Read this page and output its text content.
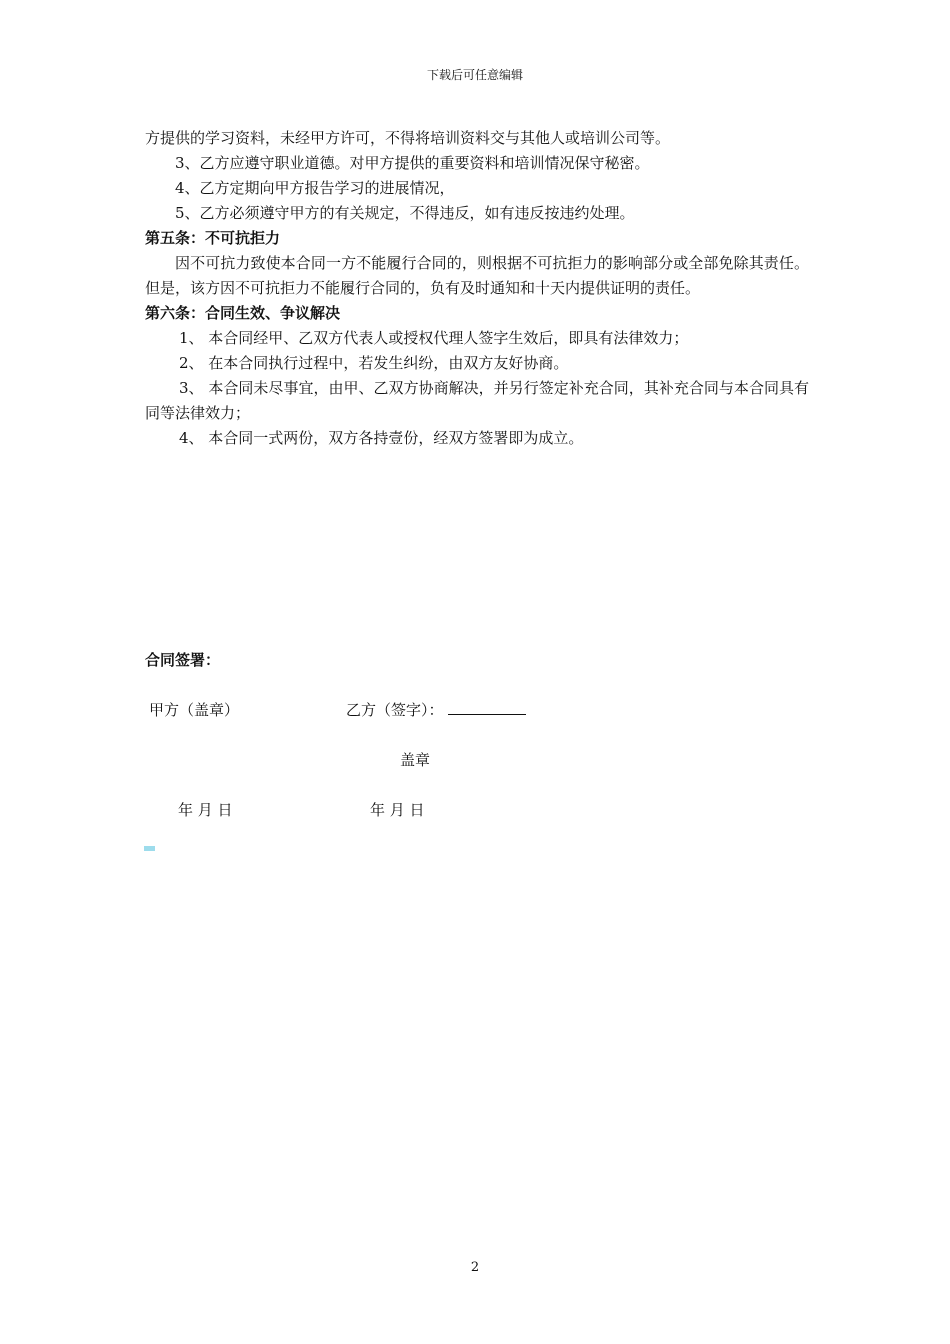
下载后可任意编辑

方提供的学习资料，未经甲方许可，不得将培训资料交与其他人或培训公司等。

3、乙方应遵守职业道德。对甲方提供的重要资料和培训情况保守秘密。

4、乙方定期向甲方报告学习的进展情况，

5、乙方必须遵守甲方的有关规定，不得违反，如有违反按违约处理。

第五条：不可抗拒力

因不可抗力致使本合同一方不能履行合同的，则根据不可抗拒力的影响部分或全部免除其责任。但是，该方因不可抗拒力不能履行合同的，负有及时通知和十天内提供证明的责任。

第六条：合同生效、争议解决

1、 本合同经甲、乙双方代表人或授权代理人签字生效后，即具有法律效力；

2、 在本合同执行过程中，若发生纠纷，由双方友好协商。

3、 本合同未尽事宜，由甲、乙双方协商解决，并另行签定补充合同，其补充合同与本合同具有同等法律效力；

4、 本合同一式两份，双方各持壹份，经双方签署即为成立。

合同签署：
甲方（盖章）	乙方（签字）：
盖章
年 月 日	年 月 日
2
